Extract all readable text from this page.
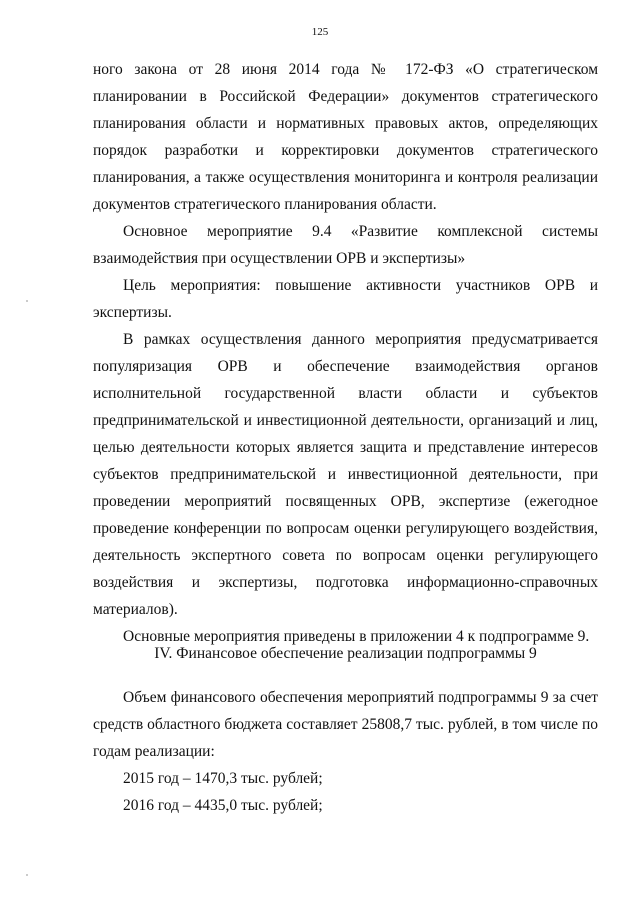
125

ного закона от 28 июня 2014 года № 172-ФЗ «О стратегическом планировании в Российской Федерации» документов стратегического планирования области и нормативных правовых актов, определяющих порядок разработки и корректировки документов стратегического планирования, а также осуществления мониторинга и контроля реализации документов стратегического планирования области.

Основное мероприятие 9.4 «Развитие комплексной системы взаимодействия при осуществлении ОРВ и экспертизы»

Цель мероприятия: повышение активности участников ОРВ и экспертизы.

В рамках осуществления данного мероприятия предусматривается популяризация ОРВ и обеспечение взаимодействия органов исполнительной государственной власти области и субъектов предпринимательской и инвестиционной деятельности, организаций и лиц, целью деятельности которых является защита и представление интересов субъектов предпринимательской и инвестиционной деятельности, при проведении мероприятий посвященных ОРВ, экспертизе (ежегодное проведение конференции по вопросам оценки регулирующего воздействия, деятельность экспертного совета по вопросам оценки регулирующего воздействия и экспертизы, подготовка информационно-справочных материалов).

Основные мероприятия приведены в приложении 4 к подпрограмме 9.

IV. Финансовое обеспечение реализации подпрограммы 9

Объем финансового обеспечения мероприятий подпрограммы 9 за счет средств областного бюджета составляет 25808,7 тыс. рублей, в том числе по годам реализации:

2015 год – 1470,3 тыс. рублей;

2016 год – 4435,0 тыс. рублей;
